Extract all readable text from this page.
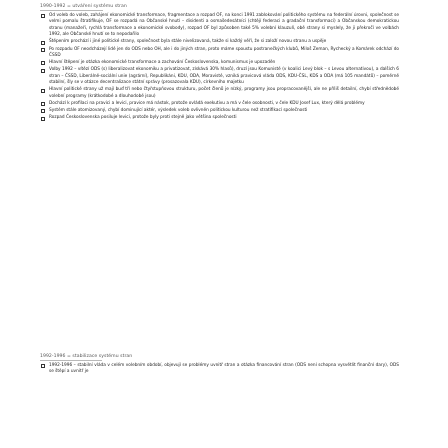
1990-1992 = utváření systému stran
Od voleb do voleb, zahájení ekonomické transformace, fragmentace a rozpad OF, na konci 1991 zablokování politického systému na federální úrovni, společnost se velmi pomalu štratifikuje, OF se rozpadá na Občanské hnutí – disidenti a osmašedesátníci (chtějí federaci a gradační transformaci) a Občanskou demokratickou stranu (manažeři, rychlá transformace a ekonomické svobody), rozpad OF byl způsoben také 5% volební klauzulí, obě strany si myslely, že ji překročí ve volbách 1992, ale Občanské hnutí se to nepodařilo
Štěpením prochází i jiné politické strany, společnost byla stále nivelizovaná, takže si každý věří, že si založí novou stranu a uspěje
Po rozpadu OF neodcházejí lidé jen do ODS nebo OH, ale i do jiných stran, proto máme spoustu postranečkých klubů, Miloš Zeman, Rychecký a Komárek odchází do ČSSD
Hlavní štěpení je otázka ekonomické transformace a zachování Československa, komunismus je upozaděn
Volby 1992 – vítězí ODS (s) liberalizovat ekonomiku a privatizovat, získává 30% hlasů), druzí jsou Komunisté (v koalici Levý blok – s Levou alternativou), a dalších 6 stran – ČSSD, Liberálně-sociální unie (agrární), Republikáni, KDU, ODA, Moravisté, vzniká pravicová vláda ODS, KDU-ČSL, KDS a ODA (má 105 mandátů) – poměrně stabilní, šly se v otázce decentralizace státní správy (prosazovala KDU), církevního majetku
Hlavní politické strany už mají buď tří nebo čtyřstupňovou strukturu, počet členů je nízký, programy jsou propracovanější, ale ne příliš detailní, chybí střednědobé volební programy (krátkodobé a dlouhodobé jsou)
Dochází k profilaci na pravici a levici, pravice má nástok, protože ovládá exekutivu a má v čele osobnosti, v čele KDU Josef Lux, který dělá problémy
Systém stále atomizovaný, chybí dominující aktér, výsledek voleb ovlivněn politickou kulturou než stratifikací společnosti
Rozpad Československa posiluje levici, protože byly proti stejně jako většina společnosti
1992-1996 = stabilizace systému stran
1992-1996 – stabilní vláda v celém volebním období, objevují se problémy uvnitř stran a otázka financování stran (ODS není schopna vysvětlit finanční dary), ODS se štěpí a uvnitř je
